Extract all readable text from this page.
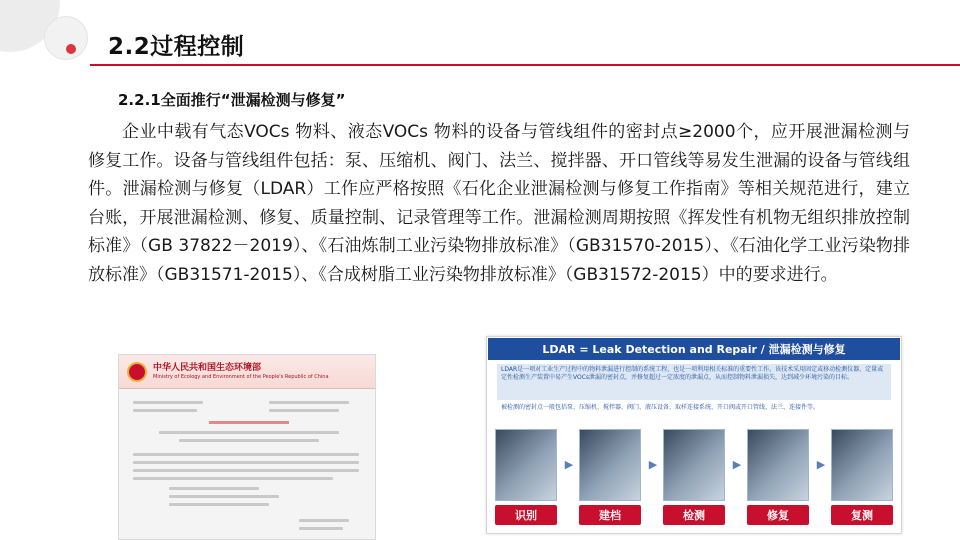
2.2过程控制
2.2.1全面推行“泄漏检测与修复”

企业中载有气态VOCs 物料、液态VOCs 物料的设备与管线组件的密封点≥2000个，应开展泄漏检测与修复工作。设备与管线组件包括：泵、压缩机、阀门、法兰、搅拌器、开口管线等易发生泄漏的设备与管线组件。泄漏检测与修复（LDAR）工作应严格按照《石化企业泄漏检测与修复工作指南》等相关规范进行，建立台账，开展泄漏检测、修复、质量控制、记录管理等工作。泄漏检测周期按照《挥发性有机物无组织排放控制标准》（GB 37822－2019）、《石油炼制工业污染物排放标准》（GB31570-2015）、《石油化学工业污染物排放标准》（GB31571-2015）、《合成树脂工业污染物排放标准》（GB31572-2015）中的要求进行。

中华人民共和国生态环境部
Ministry of Ecology and Environment of the People's Republic of China
LDAR = Leak Detection and Repair / 泄漏检测与修复
LDAR是一项对工业生产过程中的物料泄漏进行控制的系统工程，也是一项利用相关标准的重要性工作。该技术采用固定或移动检测仪器，定量或定性检测生产装置中易产生VOCs泄漏的密封点，并修复超过一定浓度的泄漏点，从而控制物料泄漏损失，达到减少环境污染的目标。
被检测的密封点一般包括泵、压缩机、搅拌器、阀门、液压设备、取样连接系统、开口阀或开口管线、法兰、连接件等。
识别
▶
建档
▶
检测
▶
修复
▶
复测
